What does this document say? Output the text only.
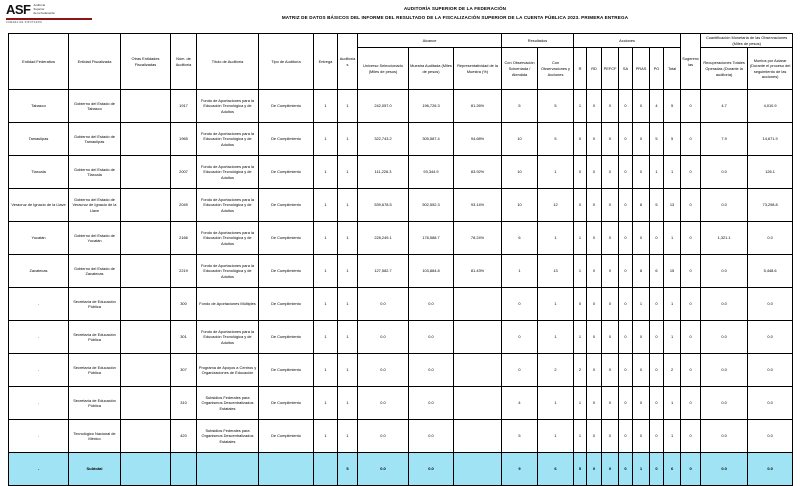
ASF Auditoría
Superior
de la Federación
CÁMARA DE DIPUTADOS
AUDITORÍA SUPERIOR DE LA FEDERACIÓN
MATRIZ DE DATOS BÁSICOS DEL INFORME DEL RESULTADO DE LA FISCALIZACIÓN SUPERIOR DE LA CUENTA PÚBLICA 2023. PRIMERA ENTREGA
Entidad Federativa	Entidad Fiscalizada	Otras Entidades Fiscalizadas	Núm. de Auditoría	Título de Auditoría	Tipo de Auditoría	Entrega	Auditorías	Alcance			Resultados		Acciones							Sugerencias	Cuantificación Monetaria de las Observaciones (Miles de pesos)	
								Universo Seleccionado (Miles de pesos)	Muestra Auditada (Miles de pesos)	Representatividad de la Muestra (%)	Con Observación Solventada / Atendida	Con Observaciones y Acciones	R	RD	PEFCF	SA	PRAS	PO	Total		Recuperaciones Totales Operadas (Durante la auditoría)	Montos por Aclarar (Durante el proceso del seguimiento de las acciones)
Tabasco	Gobierno del Estado de Tabasco		1917	Fondo de Aportaciones para la Educación Tecnológica y de Adultos	De Cumplimiento	1	1	242,057.0	196,726.3	81.26%	5	5	1	0	0	0	0	4	5	0	4.7	4,010.9
Tamaulipas	Gobierno del Estado de Tamaulipas		1965	Fondo de Aportaciones para la Educación Tecnológica y de Adultos	De Cumplimiento	1	1	322,743.2	305,587.4	94.68%	10	5	0	0	0	0	0	5	5	0	7.9	14,671.9
Tlaxcala	Gobierno del Estado de Tlaxcala		2007	Fondo de Aportaciones para la Educación Tecnológica y de Adultos	De Cumplimiento	1	1	111,226.3	93,344.9	83.92%	10	1	0	0	0	0	0	1	1	0	0.0	126.1
Veracruz de Ignacio de la Llave	Gobierno del Estado de Veracruz de Ignacio de la Llave		2049	Fondo de Aportaciones para la Educación Tecnológica y de Adultos	De Cumplimiento	1	1	539,678.5	502,552.3	93.14%	10	12	0	0	0	0	8	5	13	0	0.0	73,298.8
Yucatán	Gobierno del Estado de Yucatán		2166	Fondo de Aportaciones para la Educación Tecnológica y de Adultos	De Cumplimiento	1	1	228,249.1	178,588.7	78.24%	6	1	1	0	0	0	0	0	1	0	1,321.1	0.0
Zacatecas	Gobierno del Estado de Zacatecas		2219	Fondo de Aportaciones para la Educación Tecnológica y de Adultos	De Cumplimiento	1	1	127,582.7	103,884.8	81.43%	1	13	1	0	0	0	8	6	15	0	0.0	5,448.6
-	Secretaría de Educación Pública		300	Fondo de Aportaciones Múltiples	De Cumplimiento	1	1	0.0	0.0		0	1	0	0	0	0	1	0	1	0	0.0	0.0
-	Secretaría de Educación Pública		301	Fondo de Aportaciones para la Educación Tecnológica y de Adultos	De Cumplimiento	1	1	0.0	0.0		0	1	1	0	0	0	0	0	1	0	0.0	0.0
-	Secretaría de Educación Pública		307	Programa de Apoyos a Centros y Organizaciones de Educación	De Cumplimiento	1	1	0.0	0.0		0	2	2	0	0	0	0	0	2	0	0.0	0.0
-	Secretaría de Educación Pública		310	Subsidios Federales para Organismos Descentralizados Estatales	De Cumplimiento	1	1	0.0	0.0		4	1	1	0	0	0	0	0	1	0	0.0	0.0
-	Tecnológico Nacional de México		420	Subsidios Federales para Organismos Descentralizados Estatales	De Cumplimiento	1	1	0.0	0.0		5	1	1	0	0	0	0	0	1	0	0.0	0.0
-	Subtotal						5	0.0	0.0		9	6	5	0	0	0	1	0	6	0	0.0	0.0
